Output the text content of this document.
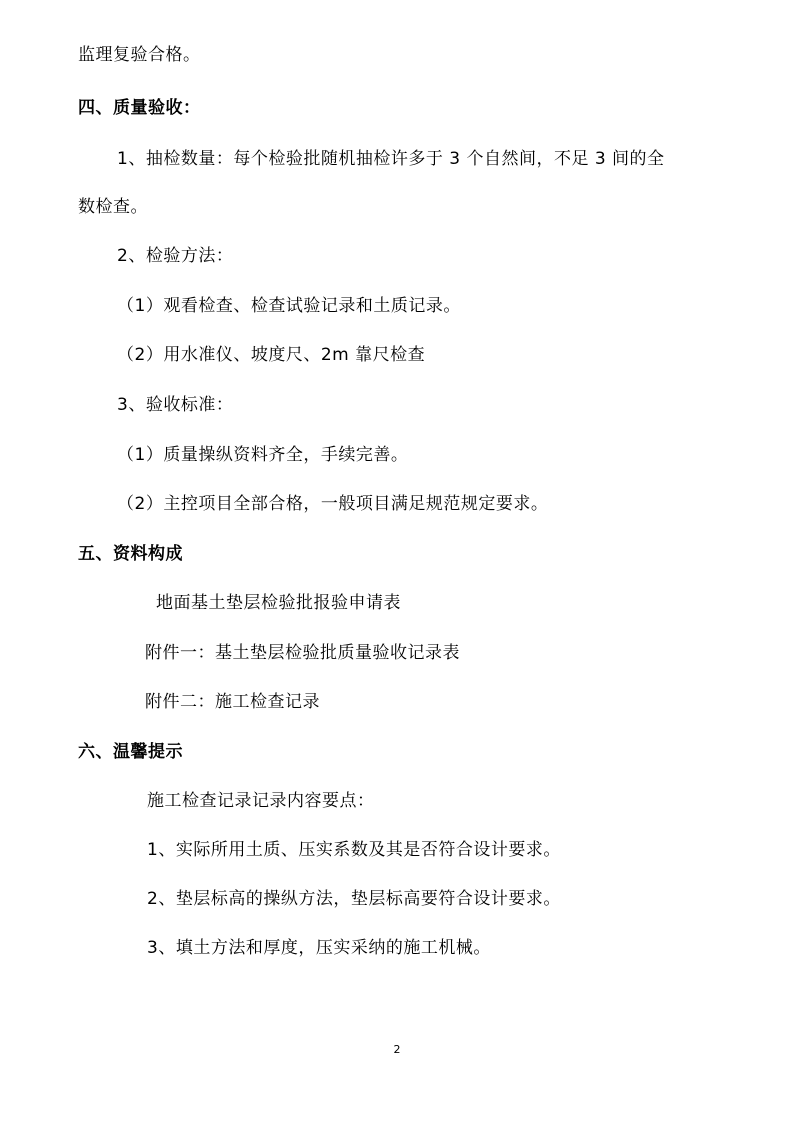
监理复验合格。
四、质量验收：
1、抽检数量：每个检验批随机抽检许多于 3 个自然间，不足 3 间的全
数检查。
2、检验方法：
（1）观看检查、检查试验记录和土质记录。
（2）用水准仪、坡度尺、2m 靠尺检查
3、验收标准：
（1）质量操纵资料齐全，手续完善。
（2）主控项目全部合格，一般项目满足规范规定要求。
五、资料构成
地面基土垫层检验批报验申请表
附件一：基土垫层检验批质量验收记录表
附件二：施工检查记录
六、温馨提示
施工检查记录记录内容要点：
1、实际所用土质、压实系数及其是否符合设计要求。
2、垫层标高的操纵方法，垫层标高要符合设计要求。
3、填土方法和厚度，压实采纳的施工机械。
2
